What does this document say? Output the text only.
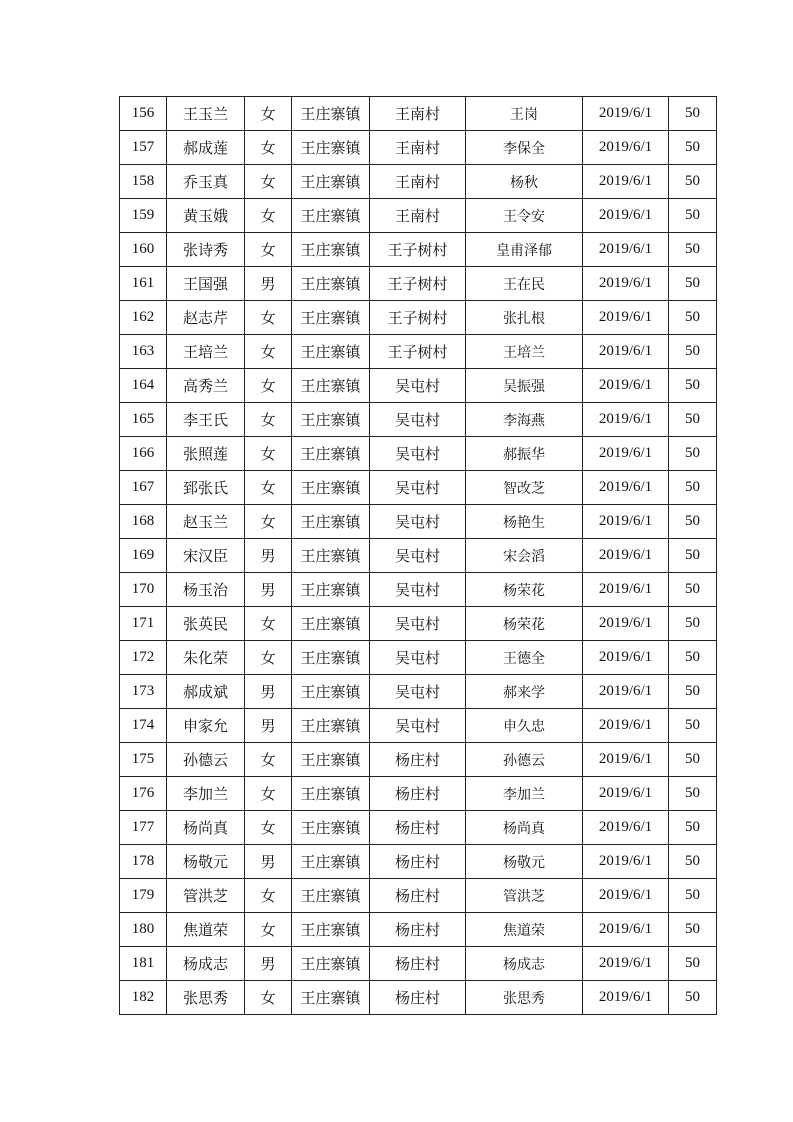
156	王玉兰	女	王庄寨镇	王南村	王岗	2019/6/1	50
157	郝成莲	女	王庄寨镇	王南村	李保全	2019/6/1	50
158	乔玉真	女	王庄寨镇	王南村	杨秋	2019/6/1	50
159	黄玉娥	女	王庄寨镇	王南村	王令安	2019/6/1	50
160	张诗秀	女	王庄寨镇	王子树村	皇甫泽郁	2019/6/1	50
161	王国强	男	王庄寨镇	王子树村	王在民	2019/6/1	50
162	赵志芹	女	王庄寨镇	王子树村	张扎根	2019/6/1	50
163	王培兰	女	王庄寨镇	王子树村	王培兰	2019/6/1	50
164	高秀兰	女	王庄寨镇	吴屯村	吴振强	2019/6/1	50
165	李王氏	女	王庄寨镇	吴屯村	李海燕	2019/6/1	50
166	张照莲	女	王庄寨镇	吴屯村	郝振华	2019/6/1	50
167	郅张氏	女	王庄寨镇	吴屯村	智改芝	2019/6/1	50
168	赵玉兰	女	王庄寨镇	吴屯村	杨艳生	2019/6/1	50
169	宋汉臣	男	王庄寨镇	吴屯村	宋会滔	2019/6/1	50
170	杨玉治	男	王庄寨镇	吴屯村	杨荣花	2019/6/1	50
171	张英民	女	王庄寨镇	吴屯村	杨荣花	2019/6/1	50
172	朱化荣	女	王庄寨镇	吴屯村	王德全	2019/6/1	50
173	郝成斌	男	王庄寨镇	吴屯村	郝来学	2019/6/1	50
174	申家允	男	王庄寨镇	吴屯村	申久忠	2019/6/1	50
175	孙德云	女	王庄寨镇	杨庄村	孙德云	2019/6/1	50
176	李加兰	女	王庄寨镇	杨庄村	李加兰	2019/6/1	50
177	杨尚真	女	王庄寨镇	杨庄村	杨尚真	2019/6/1	50
178	杨敬元	男	王庄寨镇	杨庄村	杨敬元	2019/6/1	50
179	管洪芝	女	王庄寨镇	杨庄村	管洪芝	2019/6/1	50
180	焦道荣	女	王庄寨镇	杨庄村	焦道荣	2019/6/1	50
181	杨成志	男	王庄寨镇	杨庄村	杨成志	2019/6/1	50
182	张思秀	女	王庄寨镇	杨庄村	张思秀	2019/6/1	50
